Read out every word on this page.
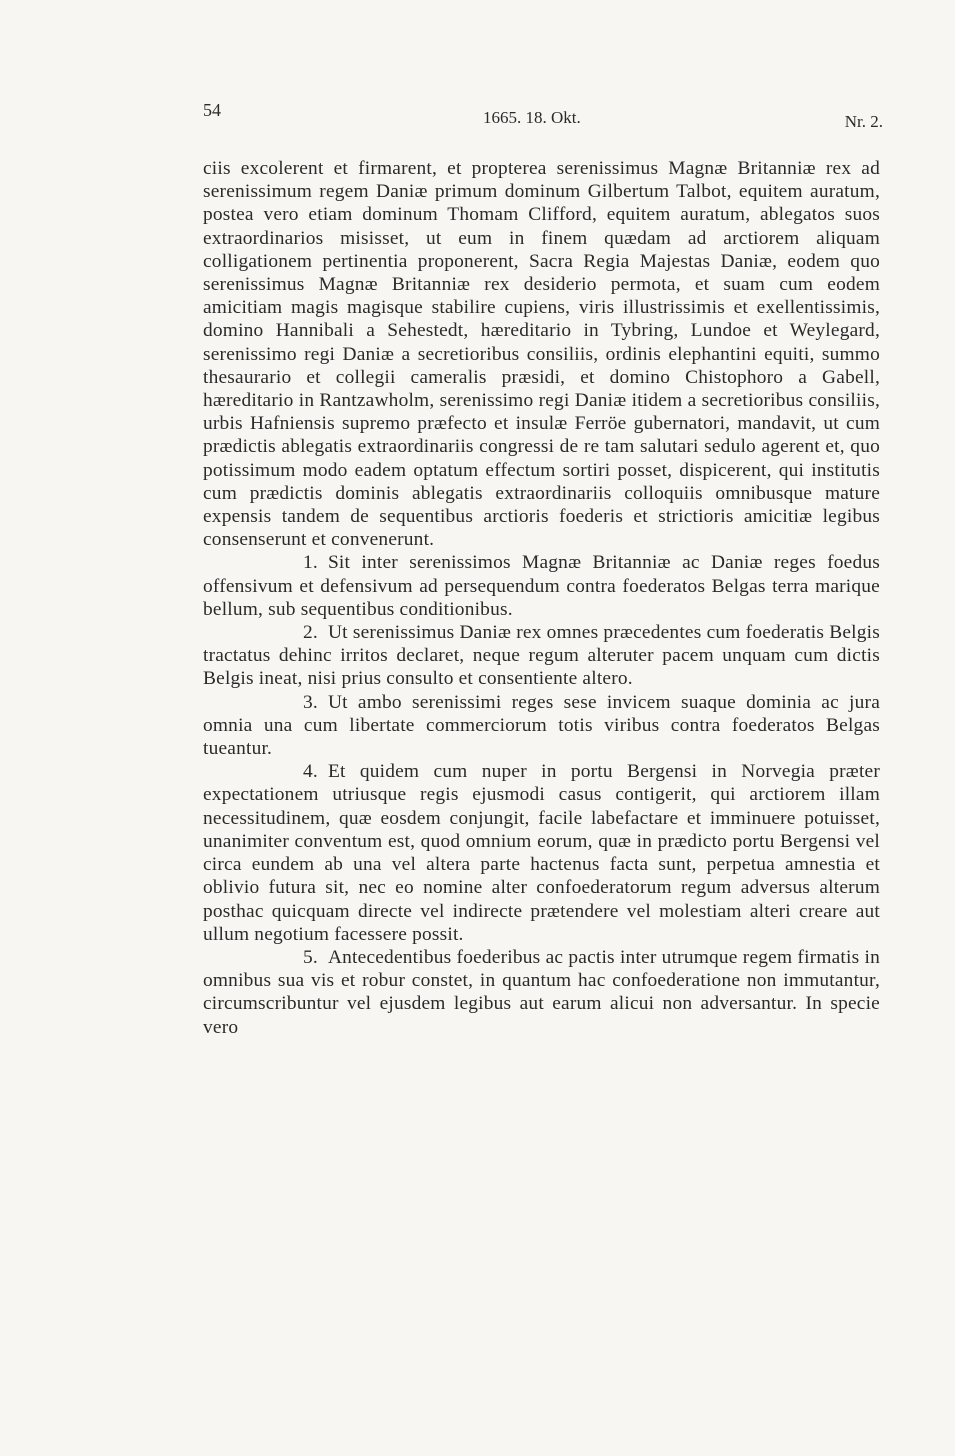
54	1665. 18. Okt.	Nr. 2.

ciis excolerent et firmarent, et propterea serenissimus Magnæ Britanniæ rex ad serenissimum regem Daniæ primum dominum Gilbertum Talbot, equitem auratum, postea vero etiam dominum Thomam Clifford, equitem auratum, ablegatos suos extraordinarios misisset, ut eum in finem quædam ad arctiorem aliquam colligationem pertinentia proponerent, Sacra Regia Majestas Daniæ, eodem quo serenissimus Magnæ Britanniæ rex desiderio permota, et suam cum eodem amicitiam magis magisque stabilire cupiens, viris illustrissimis et exellentissimis, domino Hannibali a Sehestedt, hæreditario in Tybring, Lundoe et Weylegard, serenissimo regi Daniæ a secretioribus consiliis, ordinis elephantini equiti, summo thesaurario et collegii cameralis præsidi, et domino Chistophoro a Gabell, hæreditario in Rantzawholm, serenissimo regi Daniæ itidem a secretioribus consiliis, urbis Hafniensis supremo præfecto et insulæ Ferröe gubernatori, mandavit, ut cum prædictis ablegatis extraordinariis congressi de re tam salutari sedulo agerent et, quo potissimum modo eadem optatum effectum sortiri posset, dispicerent, qui institutis cum prædictis dominis ablegatis extraordinariis colloquiis omnibusque mature expensis tandem de sequentibus arctioris foederis et strictioris amicitiæ legibus consenserunt et convenerunt.

1. Sit inter serenissimos Magnæ Britanniæ ac Daniæ reges foedus offensivum et defensivum ad persequendum contra foederatos Belgas terra marique bellum, sub sequentibus conditionibus.

2. Ut serenissimus Daniæ rex omnes præcedentes cum foederatis Belgis tractatus dehinc irritos declaret, neque regum alteruter pacem unquam cum dictis Belgis ineat, nisi prius consulto et consentiente altero.

3. Ut ambo serenissimi reges sese invicem suaque dominia ac jura omnia una cum libertate commerciorum totis viribus contra foederatos Belgas tueantur.

4. Et quidem cum nuper in portu Bergensi in Norvegia præter expectationem utriusque regis ejusmodi casus contigerit, qui arctiorem illam necessitudinem, quæ eosdem conjungit, facile labefactare et imminuere potuisset, unanimiter conventum est, quod omnium eorum, quæ in prædicto portu Bergensi vel circa eundem ab una vel altera parte hactenus facta sunt, perpetua amnestia et oblivio futura sit, nec eo nomine alter confoederatorum regum adversus alterum posthac quicquam directe vel indirecte prætendere vel molestiam alteri creare aut ullum negotium facessere possit.

5. Antecedentibus foederibus ac pactis inter utrumque regem firmatis in omnibus sua vis et robur constet, in quantum hac confoederatione non immutantur, circumscribuntur vel ejusdem legibus aut earum alicui non adversantur. In specie vero
